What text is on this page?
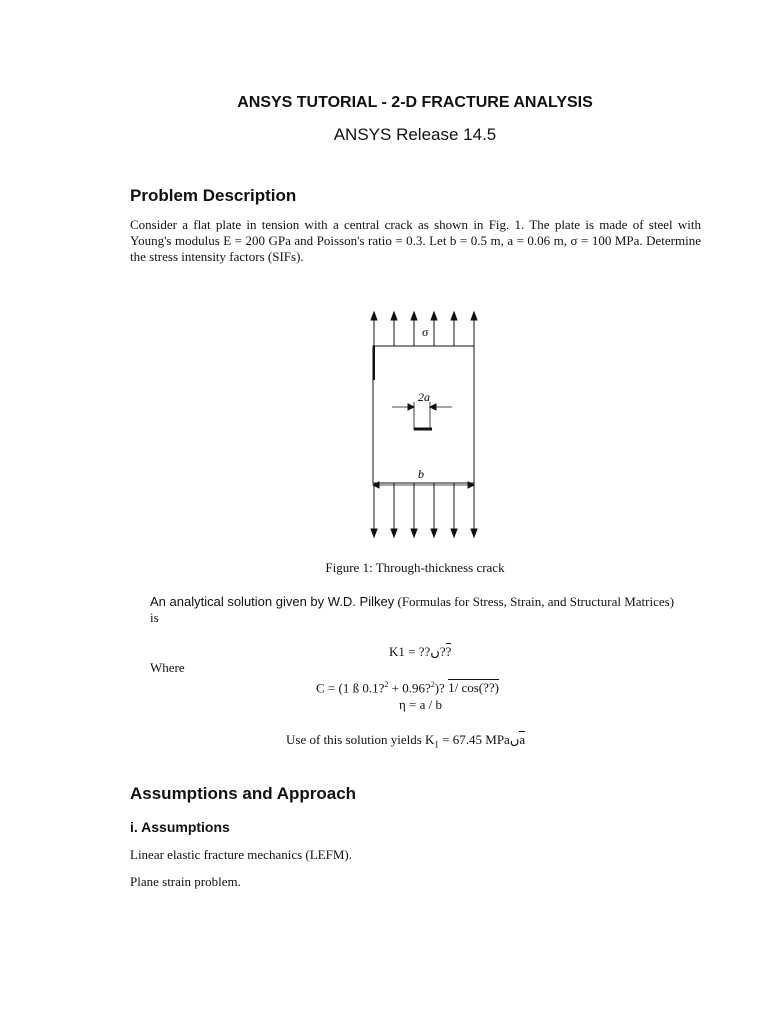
ANSYS TUTORIAL - 2-D FRACTURE ANALYSIS
ANSYS Release 14.5
Problem Description
Consider a flat plate in tension with a central crack as shown in Fig. 1. The plate is made of steel with Young's modulus E = 200 GPa and Poisson's ratio = 0.3. Let b = 0.5 m, a = 0.06 m, σ = 100 MPa. Determine the stress intensity factors (SIFs).
σ
2a
b
Figure 1: Through-thickness crack
An analytical solution given by W.D. Pilkey (Formulas for Stress, Strain, and Structural Matrices)
is
K1 = ??ں??
Where
C = (1 ß 0.1?$^2$ + 0.96?$^2$)? 1/ cos(??)
η = a / b
Use of this solution yields $K_1 = 67.45$ MPaںa
Assumptions and Approach
i. Assumptions
Linear elastic fracture mechanics (LEFM).
Plane strain problem.
